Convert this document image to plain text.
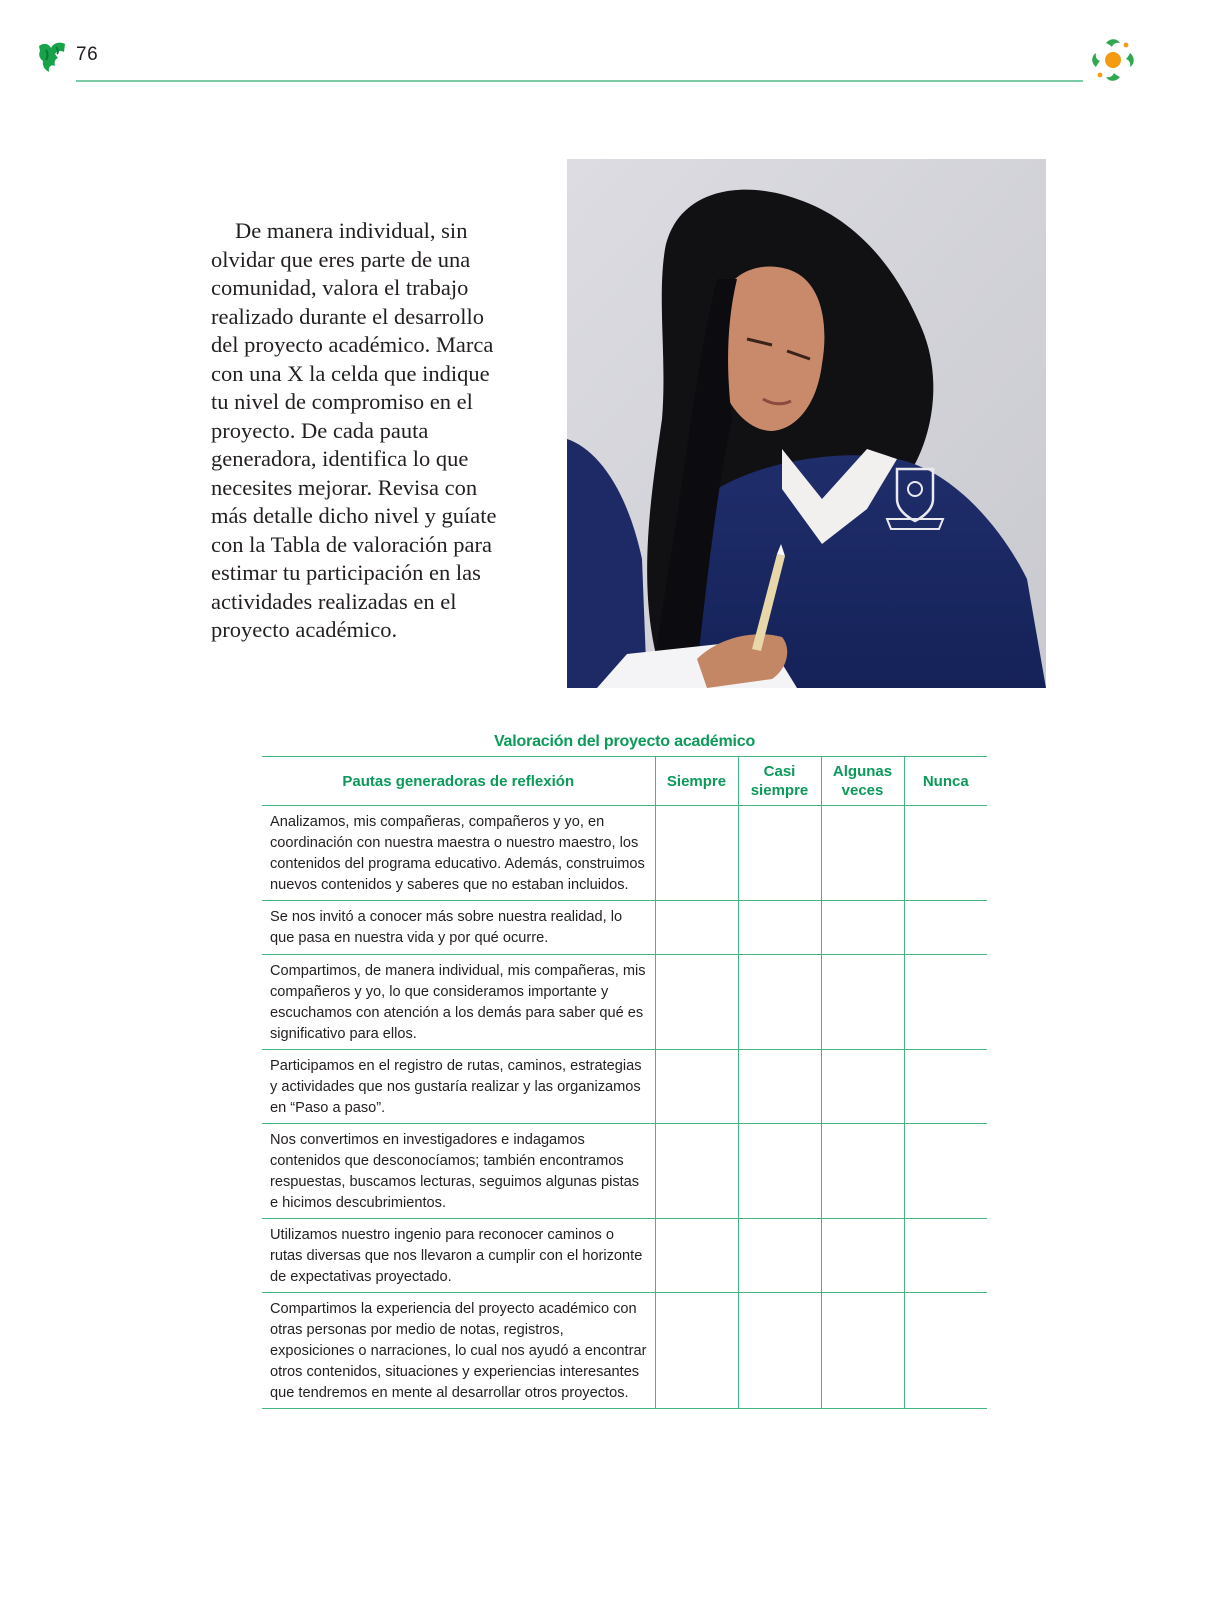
76

De manera individual, sin olvidar que eres parte de una comunidad, valora el trabajo realizado durante el desarrollo del proyecto académico. Marca con una X la celda que indique tu nivel de compromiso en el proyecto. De cada pauta generadora, identifica lo que necesites mejorar. Revisa con más detalle dicho nivel y guíate con la Tabla de valoración para estimar tu participación en las actividades realizadas en el proyecto académico.

Valoración del proyecto académico
Pautas generadoras de reflexión	Siempre	Casi siempre	Algunas veces	Nunca
Analizamos, mis compañeras, compañeros y yo, en coordinación con nuestra maestra o nuestro maestro, los contenidos del programa educativo. Además, construimos nuevos contenidos y saberes que no estaban incluidos.				
Se nos invitó a conocer más sobre nuestra realidad, lo que pasa en nuestra vida y por qué ocurre.				
Compartimos, de manera individual, mis compañeras, mis compañeros y yo, lo que consideramos importante y escuchamos con atención a los demás para saber qué es significativo para ellos.				
Participamos en el registro de rutas, caminos, estrategias y actividades que nos gustaría realizar y las organizamos en “Paso a paso”.				
Nos convertimos en investigadores e indagamos contenidos que desconocíamos; también encontramos respuestas, buscamos lecturas, seguimos algunas pistas e hicimos descubrimientos.				
Utilizamos nuestro ingenio para reconocer caminos o rutas diversas que nos llevaron a cumplir con el horizonte de expectativas proyectado.				
Compartimos la experiencia del proyecto académico con otras personas por medio de notas, registros, exposiciones o narraciones, lo cual nos ayudó a encontrar otros contenidos, situaciones y experiencias interesantes que tendremos en mente al desarrollar otros proyectos.				
